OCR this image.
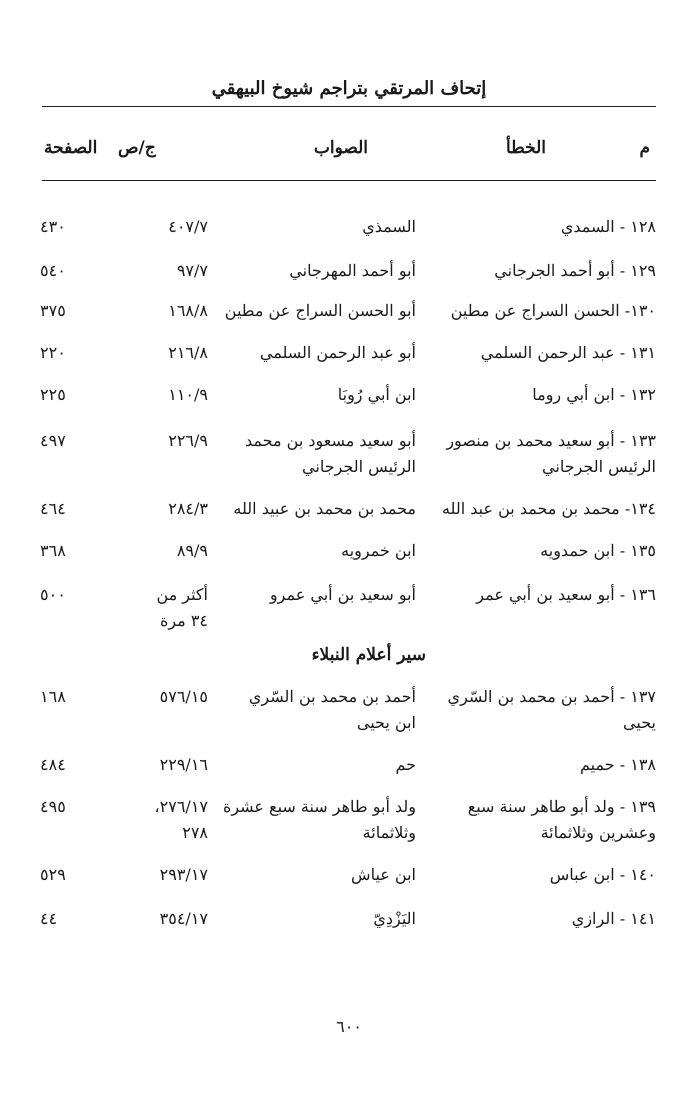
إتحاف المرتقي بتراجم شيوخ البيهقي
م
الخطأ
الصواب
ج/ص
الصفحة
١٢٨ - السمدي
السمذي
٤٠٧/٧
٤٣٠
١٢٩ - أبو أحمد الجرجاني
أبو أحمد المهرجاني
٩٧/٧
٥٤٠
١٣٠- الحسن السراج عن مطين
أبو الحسن السراج عن مطين
١٦٨/٨
٣٧٥
١٣١ - عبد الرحمن السلمي
أبو عبد الرحمن السلمي
٢١٦/٨
٢٢٠
١٣٢ - ابن أبي روما
ابن أبي رُوبَا
١١٠/٩
٢٢٥
١٣٣ - أبو سعيد محمد بن منصور
الرئيس الجرجاني
أبو سعيد مسعود بن محمد
الرئيس الجرجاني
٢٢٦/٩
٤٩٧
١٣٤- محمد بن محمد بن عبد الله
محمد بن محمد بن عبيد الله
٢٨٤/٣
٤٦٤
١٣٥ - ابن حمدويه
ابن خمرويه
٨٩/٩
٣٦٨
١٣٦ - أبو سعيد بن أبي عمر
أبو سعيد بن أبي عمرو
أكثر من
٣٤ مرة
٥٠٠
سير أعلام النبلاء
١٣٧ - أحمد بن محمد بن السّري
يحيى
أحمد بن محمد بن السّري
ابن يحيى
٥٧٦/١٥
١٦٨
١٣٨ - حميم
حم
٢٢٩/١٦
٤٨٤
١٣٩ - ولد أبو طاهر سنة سبع
وعشرين وثلاثمائة
ولد أبو طاهر سنة سبع عشرة
وثلاثمائة
٢٧٦/١٧،
٢٧٨
٤٩٥
١٤٠ - ابن عباس
ابن عياش
٢٩٣/١٧
٥٢٩
١٤١ - الرازي
اليَزْدِيّ
٣٥٤/١٧
٤٤
٦٠٠
